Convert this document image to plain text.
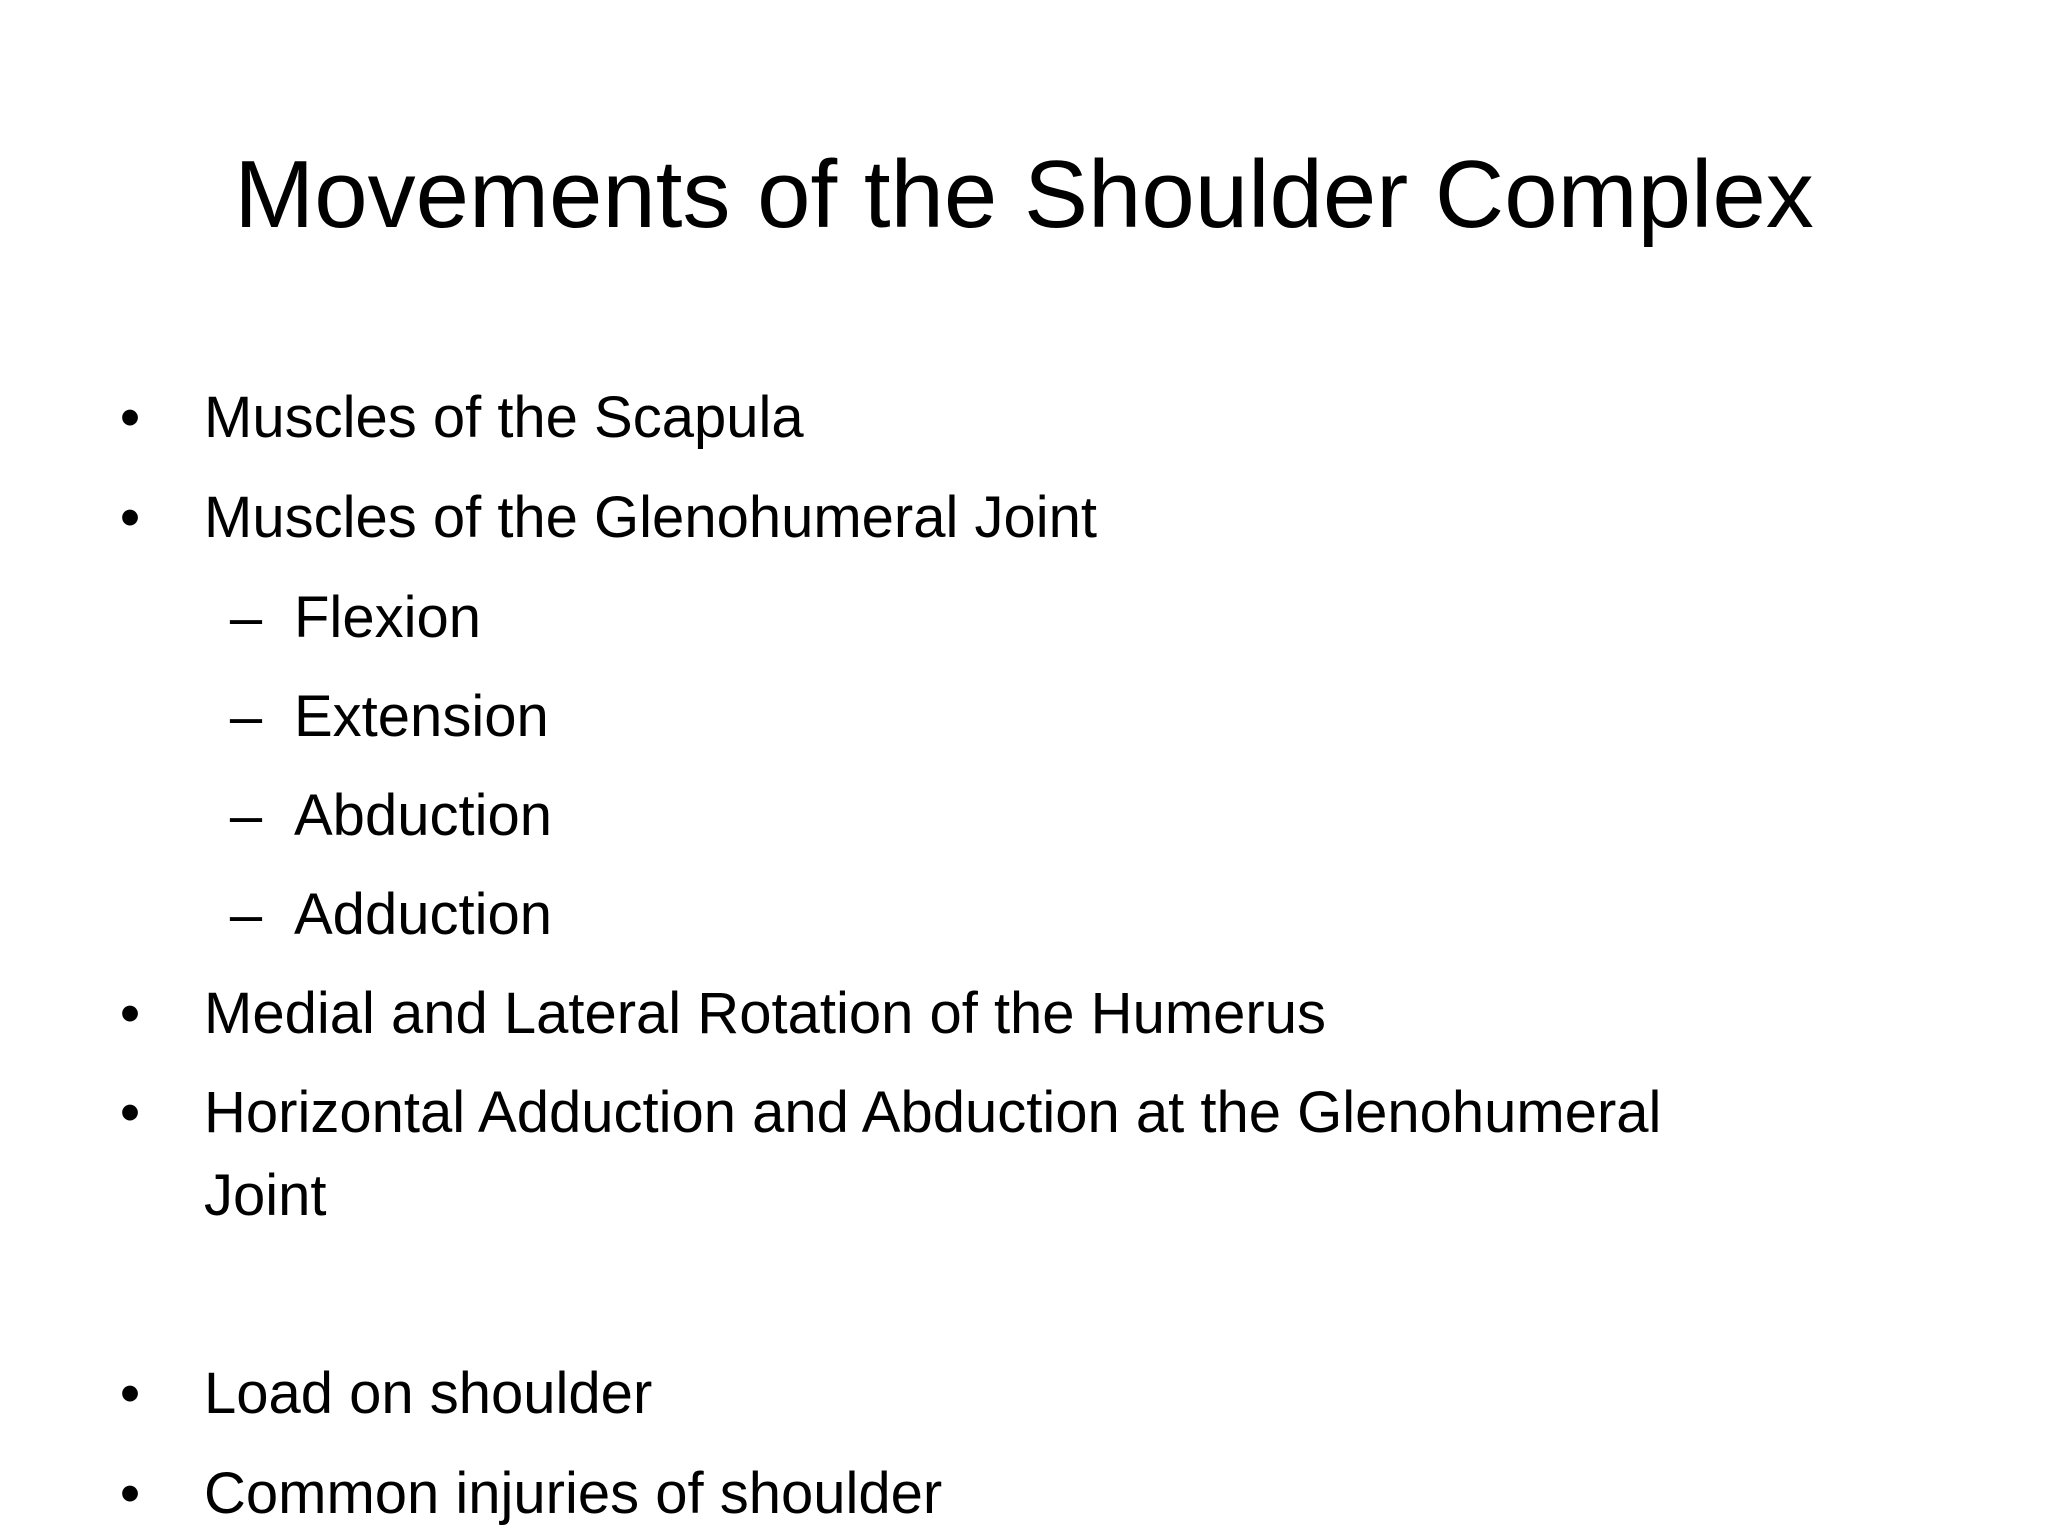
Movements of the Shoulder Complex
•	Muscles of the Scapula
•	Muscles of the Glenohumeral Joint
– Flexion
– Extension
– Abduction
– Adduction
•	Medial and Lateral Rotation of the Humerus
•	Horizontal Adduction and Abduction at the Glenohumeral
Joint
•	Load on shoulder
•	Common injuries of shoulder
